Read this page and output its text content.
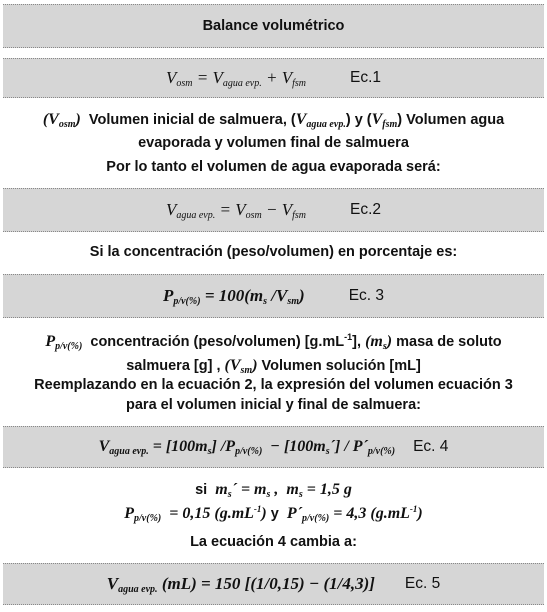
Balance volumétrico
$V_{osm} = V_{agua evp.} + V_{fsm}$	Ec.1
$(V_{osm})$ Volumen inicial de salmuera, $(V_{agua evp.})$ y $(V_{fsm})$ Volumen agua
evaporada y volumen final de salmuera
Por lo tanto el volumen de agua evaporada será:
$V_{agua evp.} = V_{osm} - V_{fsm}$	Ec.2
Si la concentración (peso/volumen) en porcentaje es:
$P_{p/v(\%)} = 100(m_s$ $/V_{sm}$)	Ec. 3
$P_{p/v(\%)}$ concentración (peso/volumen) $[g.mL^{-1}]$, $(m_s)$ masa de soluto
salmuera [g] , $(V_{sm})$ Volumen solución [mL]
Reemplazando en la ecuación 2, la expresión del volumen ecuación 3
para el volumen inicial y final de salmuera:
$V_{agua evp.} = [100m_s] /P_{p/v(\%)}$  − $[100m_s´]$ / $P´_{p/v(\%)}$ Ec. 4
si $m_s´ = m_s$ ,  $m_s = 1,5$ g
$P_{p/v(\%)} = 0,15$ $(g.mL^{-1})$ y $P´_{p/v(\%)} = 4,3$ $(g.mL^{-1})$
La ecuación 4 cambia a:
$V_{agua evp.}$ (mL) = 150 [(1/0,15) − (1/4,3)] Ec. 5
